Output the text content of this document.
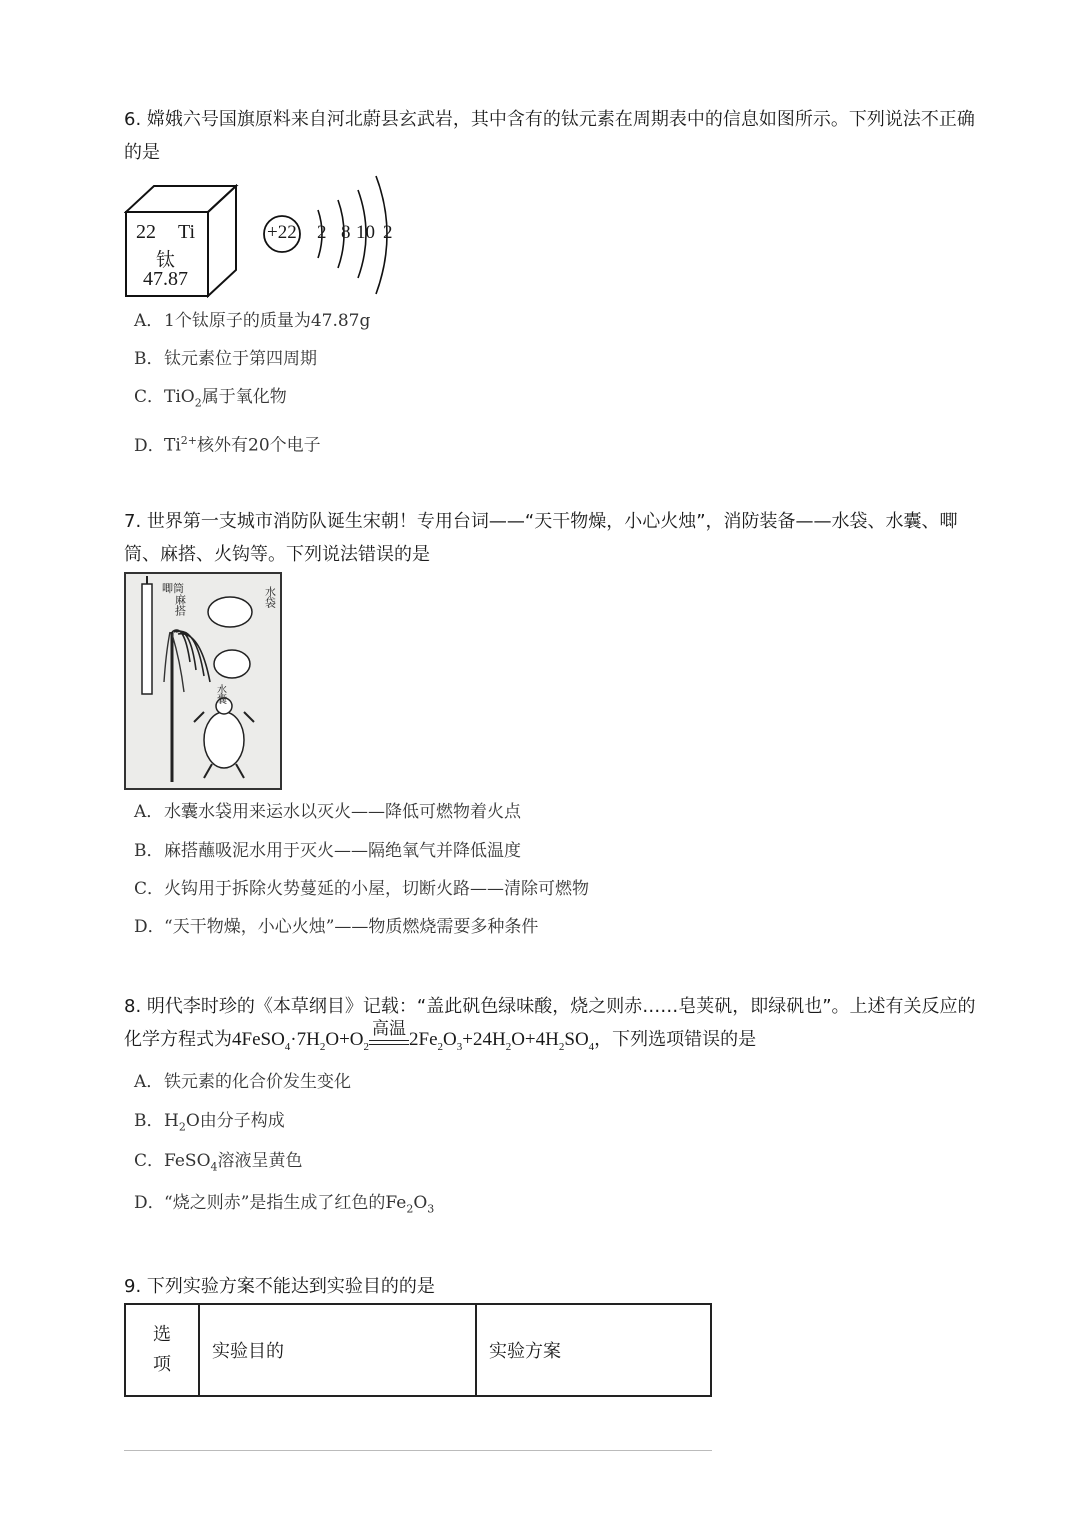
6. 嫦娥六号国旗原料来自河北蔚县玄武岩，其中含有的钛元素在周期表中的信息如图所示。下列说法不正确
的是
22 Ti
钛
47.87
+22 2 8 10 2
A．1个钛原子的质量为47.87g
B．钛元素位于第四周期
C．TiO$_2$属于氧化物
D．$Ti^{2+}$核外有20个电子
7. 世界第一支城市消防队诞生宋朝！专用台词——“天干物燥，小心火烛”，消防装备——水袋、水囊、唧
筒、麻搭、火钩等。下列说法错误的是
唧筒
麻搭	水袋
水囊
A．水囊水袋用来运水以灭火——降低可燃物着火点
B．麻搭蘸吸泥水用于灭火——隔绝氧气并降低温度
C．火钩用于拆除火势蔓延的小屋，切断火路——清除可燃物
D．“天干物燥，小心火烛”——物质燃烧需要多种条件
8. 明代李时珍的《本草纲目》记载：“盖此矾色绿味酸，烧之则赤……皂荚矾，即绿矾也”。上述有关反应的
化学方程式为$4FeSO_4\cdot 7H_2O+O_2$
高温 $2Fe_2O_3+24H_2O+4H_2SO_4$，下列选项错误的是
A．铁元素的化合价发生变化
B．$H_2O$由分子构成
C．FeSO$_4$溶液呈黄色
D．“烧之则赤”是指生成了红色的$Fe_2O_3$
9. 下列实验方案不能达到实验目的的是
选项	实验目的	实验方案
